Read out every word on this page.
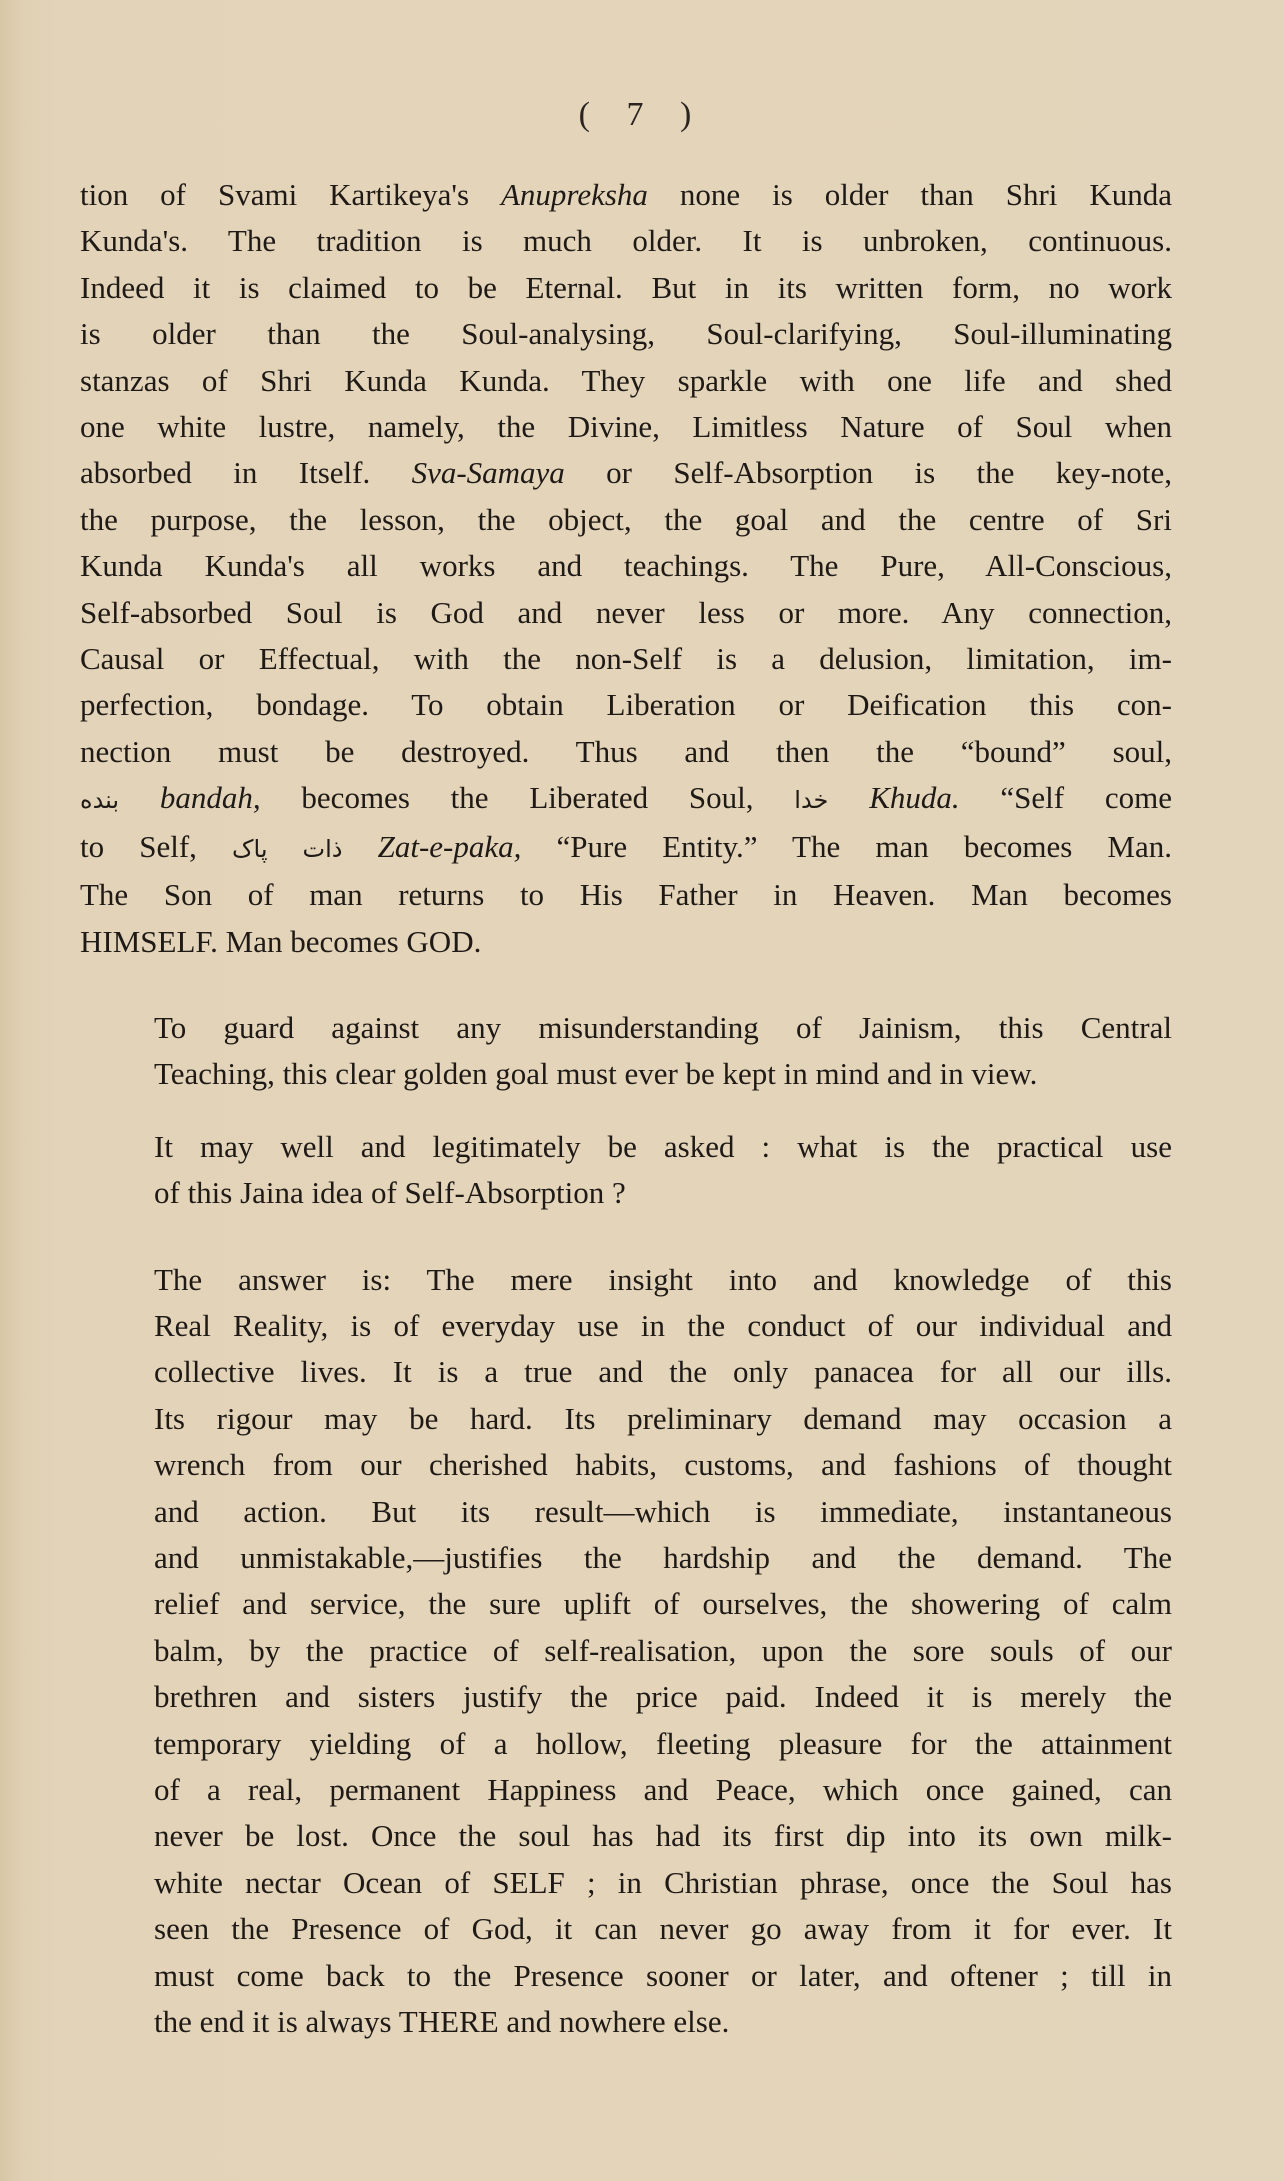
( 7 )
tion of Svami Kartikeya's Anupreksha none is older than Shri Kunda
Kunda's. The tradition is much older. It is unbroken, continuous.
Indeed it is claimed to be Eternal. But in its written form, no work
is older than the Soul-analysing, Soul-clarifying, Soul-illuminating
stanzas of Shri Kunda Kunda. They sparkle with one life and shed
one white lustre, namely, the Divine, Limitless Nature of Soul when
absorbed in Itself. Sva-Samaya or Self-Absorption is the key-note,
the purpose, the lesson, the object, the goal and the centre of Sri
Kunda Kunda's all works and teachings. The Pure, All-Conscious,
Self-absorbed Soul is God and never less or more. Any connection,
Causal or Effectual, with the non-Self is a delusion, limitation, im-
perfection, bondage. To obtain Liberation or Deification this con-
nection must be destroyed. Thus and then the “bound” soul,
بنده bandah, becomes the Liberated Soul, خدا Khuda. “Self come
to Self, ذات پاک Zat-e-paka, “Pure Entity.” The man becomes Man.
The Son of man returns to His Father in Heaven. Man becomes
HIMSELF. Man becomes GOD.
To guard against any misunderstanding of Jainism, this Central
Teaching, this clear golden goal must ever be kept in mind and in view.
It may well and legitimately be asked : what is the practical use
of this Jaina idea of Self-Absorption ?
The answer is: The mere insight into and knowledge of this
Real Reality, is of everyday use in the conduct of our individual and
collective lives. It is a true and the only panacea for all our ills.
Its rigour may be hard. Its preliminary demand may occasion a
wrench from our cherished habits, customs, and fashions of thought
and action. But its result—which is immediate, instantaneous
and unmistakable,—justifies the hardship and the demand. The
relief and service, the sure uplift of ourselves, the showering of calm
balm, by the practice of self-realisation, upon the sore souls of our
brethren and sisters justify the price paid. Indeed it is merely the
temporary yielding of a hollow, fleeting pleasure for the attainment
of a real, permanent Happiness and Peace, which once gained, can
never be lost. Once the soul has had its first dip into its own milk-
white nectar Ocean of SELF ; in Christian phrase, once the Soul has
seen the Presence of God, it can never go away from it for ever. It
must come back to the Presence sooner or later, and oftener ; till in
the end it is always THERE and nowhere else.
